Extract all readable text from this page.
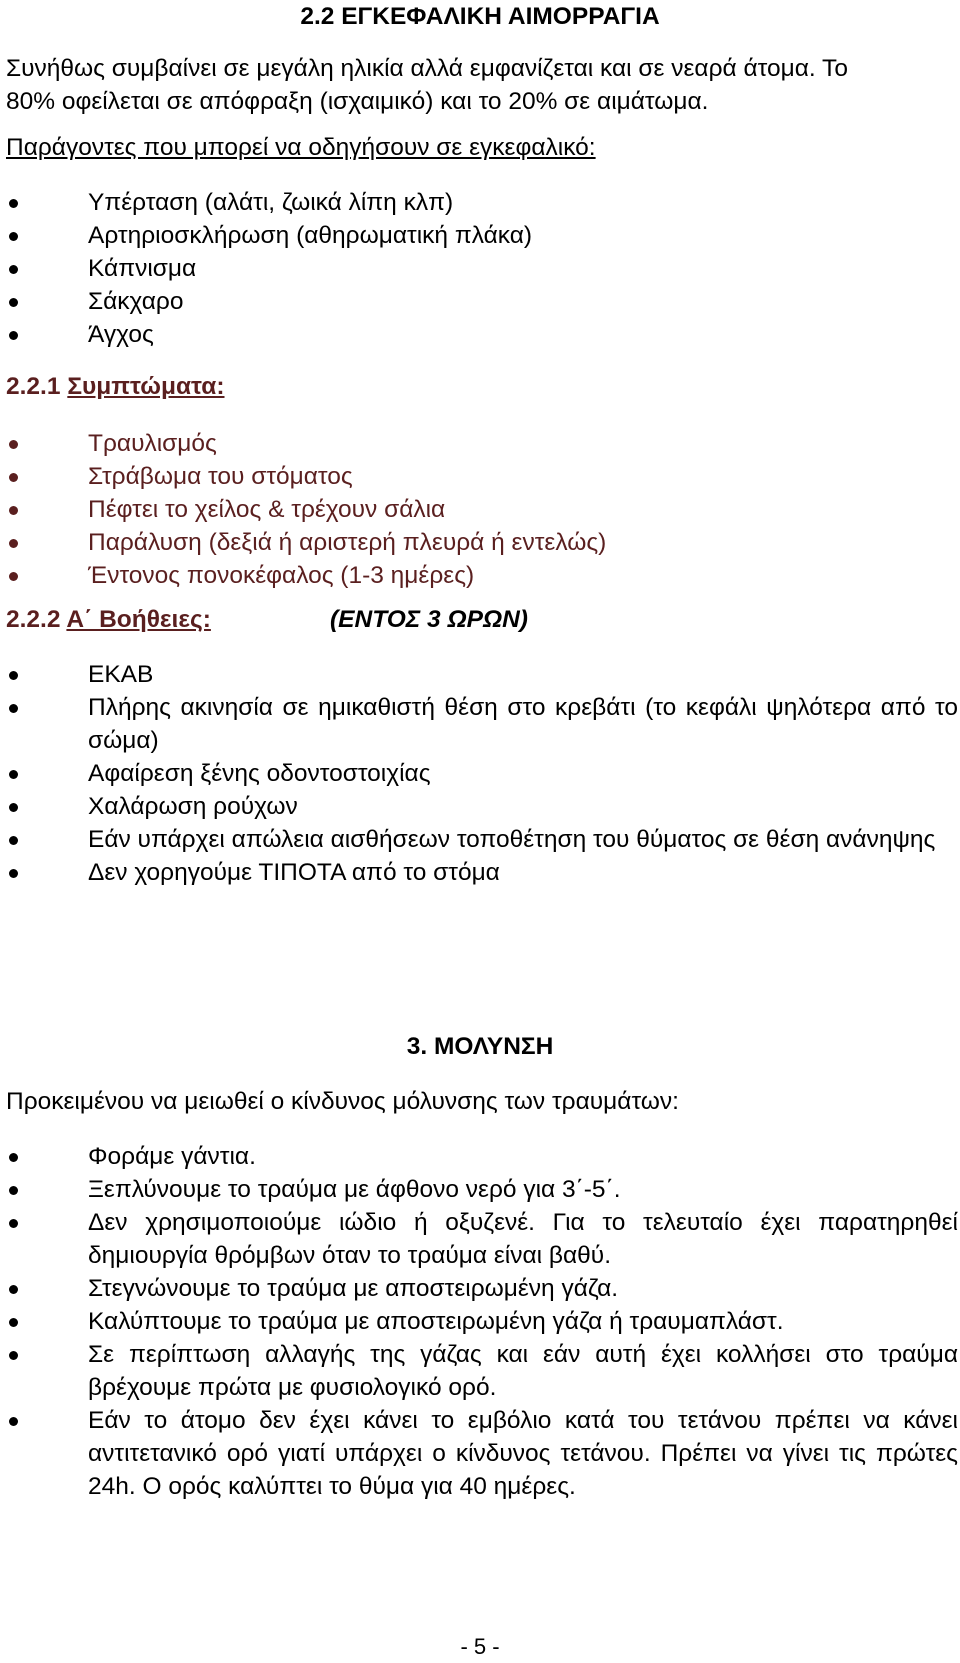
2.2 ΕΓΚΕΦΑΛΙΚΗ ΑΙΜΟΡΡΑΓΙΑ

Συνήθως συμβαίνει σε μεγάλη ηλικία αλλά εμφανίζεται και σε νεαρά άτομα. Το

80% οφείλεται σε απόφραξη (ισχαιμικό) και το 20% σε αιμάτωμα.

Παράγοντες που μπορεί να οδηγήσουν σε εγκεφαλικό:
Υπέρταση (αλάτι, ζωικά λίπη κλπ)
Αρτηριοσκλήρωση (αθηρωματική πλάκα)
Κάπνισμα
Σάκχαρο
Άγχος
2.2.1 Συμπτώματα:
Τραυλισμός
Στράβωμα του στόματος
Πέφτει το χείλος & τρέχουν σάλια
Παράλυση (δεξιά ή αριστερή πλευρά ή εντελώς)
Έντονος πονοκέφαλος (1-3 ημέρες)
2.2.2 Α΄ Βοήθειες:	(ΕΝΤΟΣ 3 ΩΡΩΝ)
ΕΚΑΒ
Πλήρης ακινησία σε ημικαθιστή θέση στο κρεβάτι (το κεφάλι ψηλότερα από το σώμα)
Αφαίρεση ξένης οδοντοστοιχίας
Χαλάρωση ρούχων
Εάν υπάρχει απώλεια αισθήσεων τοποθέτηση του θύματος σε θέση ανάνηψης
Δεν χορηγούμε ΤΙΠΟΤΑ από το στόμα
3. ΜΟΛΥΝΣΗ
Προκειμένου να μειωθεί ο κίνδυνος μόλυνσης των τραυμάτων:
Φοράμε γάντια.
Ξεπλύνουμε το τραύμα με άφθονο νερό για 3΄-5΄.
Δεν χρησιμοποιούμε ιώδιο ή οξυζενέ. Για το τελευταίο έχει παρατηρηθεί δημιουργία θρόμβων όταν το τραύμα είναι βαθύ.
Στεγνώνουμε το τραύμα με αποστειρωμένη γάζα.
Καλύπτουμε το τραύμα με αποστειρωμένη γάζα ή τραυμαπλάστ.
Σε περίπτωση αλλαγής της γάζας και εάν αυτή έχει κολλήσει στο τραύμα βρέχουμε πρώτα με φυσιολογικό ορό.
Εάν το άτομο δεν έχει κάνει το εμβόλιο κατά του τετάνου πρέπει να κάνει αντιτετανικό ορό γιατί υπάρχει ο κίνδυνος τετάνου. Πρέπει να γίνει τις πρώτες 24h. Ο ορός καλύπτει το θύμα για 40 ημέρες.
- 5 -
